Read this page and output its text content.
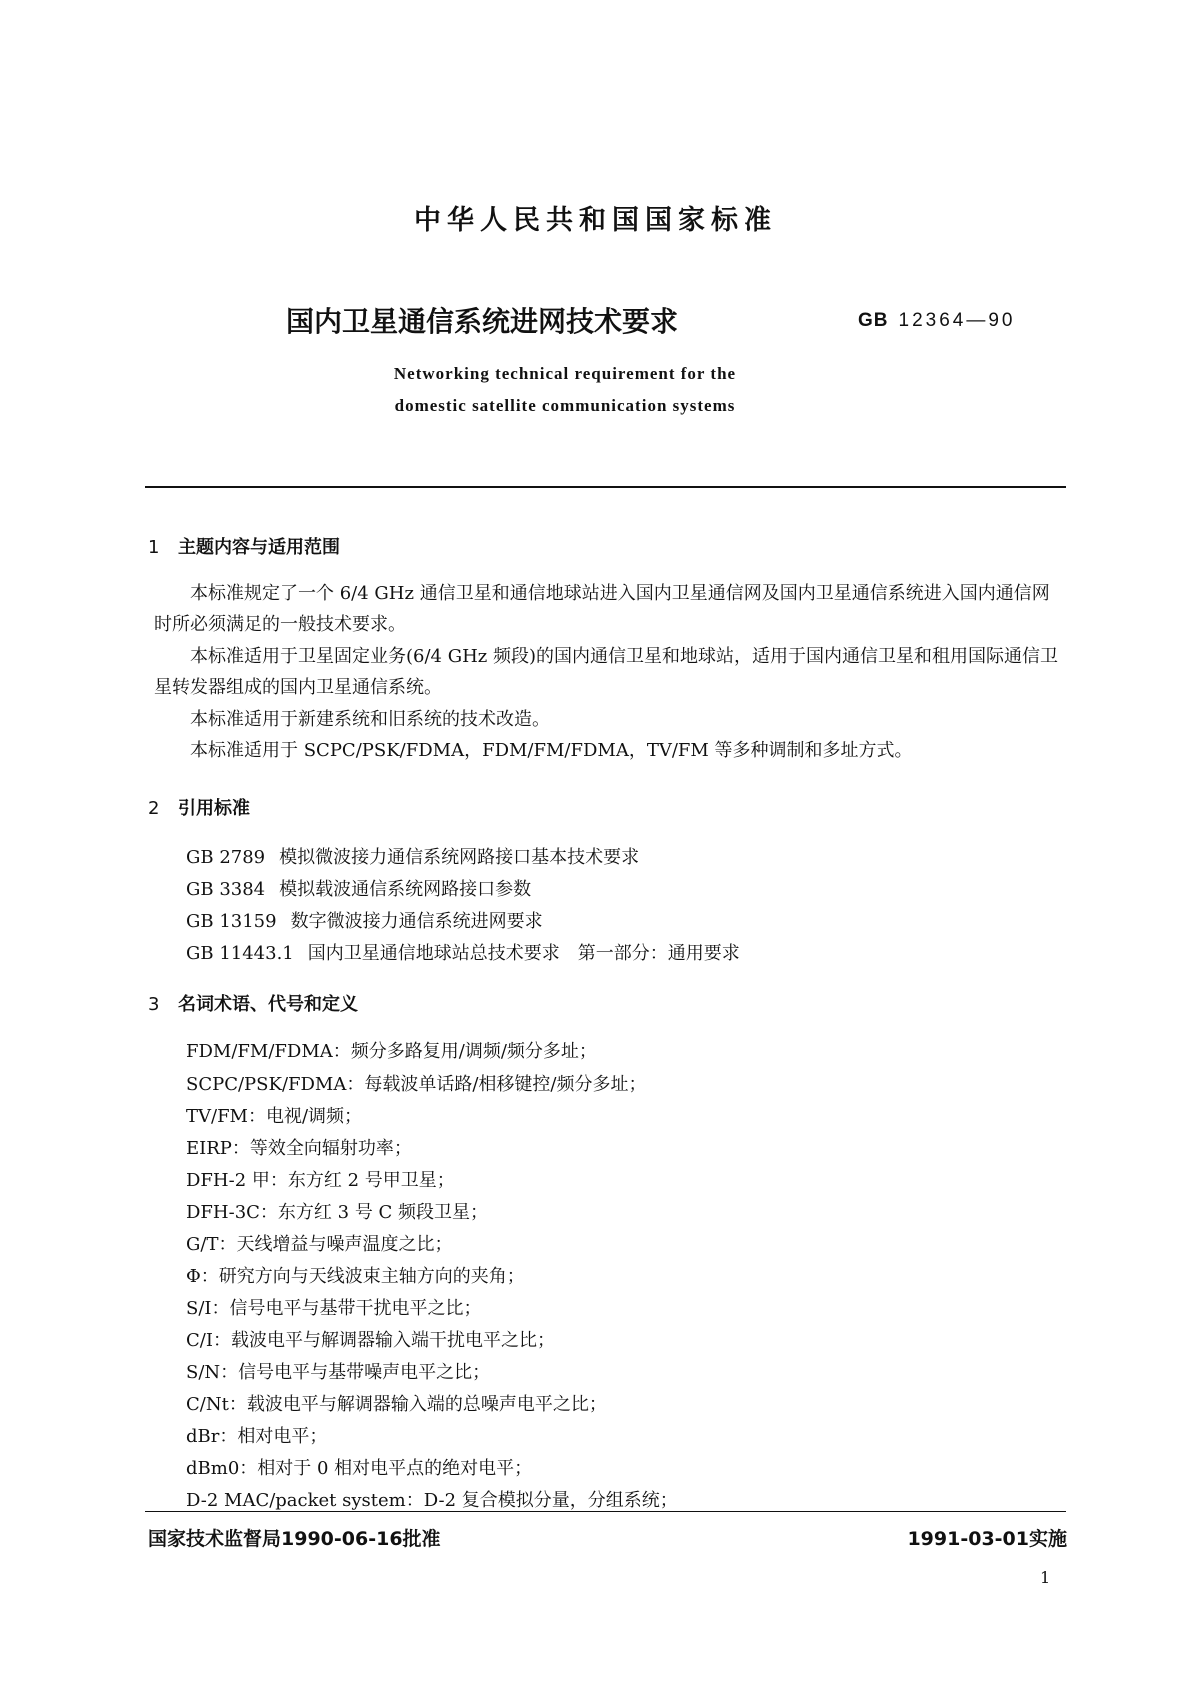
中华人民共和国国家标准
国内卫星通信系统进网技术要求	GB 12364—90
Networking technical requirement for the
domestic satellite communication systems
1 主题内容与适用范围
本标准规定了一个 6/4 GHz 通信卫星和通信地球站进入国内卫星通信网及国内卫星通信系统进入国内通信网时所必须满足的一般技术要求。
本标准适用于卫星固定业务(6/4 GHz 频段)的国内通信卫星和地球站，适用于国内通信卫星和租用国际通信卫星转发器组成的国内卫星通信系统。
本标准适用于新建系统和旧系统的技术改造。
本标准适用于 SCPC/PSK/FDMA，FDM/FM/FDMA，TV/FM 等多种调制和多址方式。
2 引用标准
GB 2789 模拟微波接力通信系统网路接口基本技术要求
GB 3384 模拟载波通信系统网路接口参数
GB 13159 数字微波接力通信系统进网要求
GB 11443.1 国内卫星通信地球站总技术要求　第一部分：通用要求
3 名词术语、代号和定义
FDM/FM/FDMA：频分多路复用/调频/频分多址；
SCPC/PSK/FDMA：每载波单话路/相移键控/频分多址；
TV/FM：电视/调频；
EIRP：等效全向辐射功率；
DFH-2 甲：东方红 2 号甲卫星；
DFH-3C：东方红 3 号 C 频段卫星；
G/T：天线增益与噪声温度之比；
Φ：研究方向与天线波束主轴方向的夹角；
S/I：信号电平与基带干扰电平之比；
C/I：载波电平与解调器输入端干扰电平之比；
S/N：信号电平与基带噪声电平之比；
C/Nt：载波电平与解调器输入端的总噪声电平之比；
dBr：相对电平；
dBm0：相对于 0 相对电平点的绝对电平；
D-2 MAC/packet system：D-2 复合模拟分量，分组系统；
国家技术监督局1990-06-16批准	1991-03-01实施
1
